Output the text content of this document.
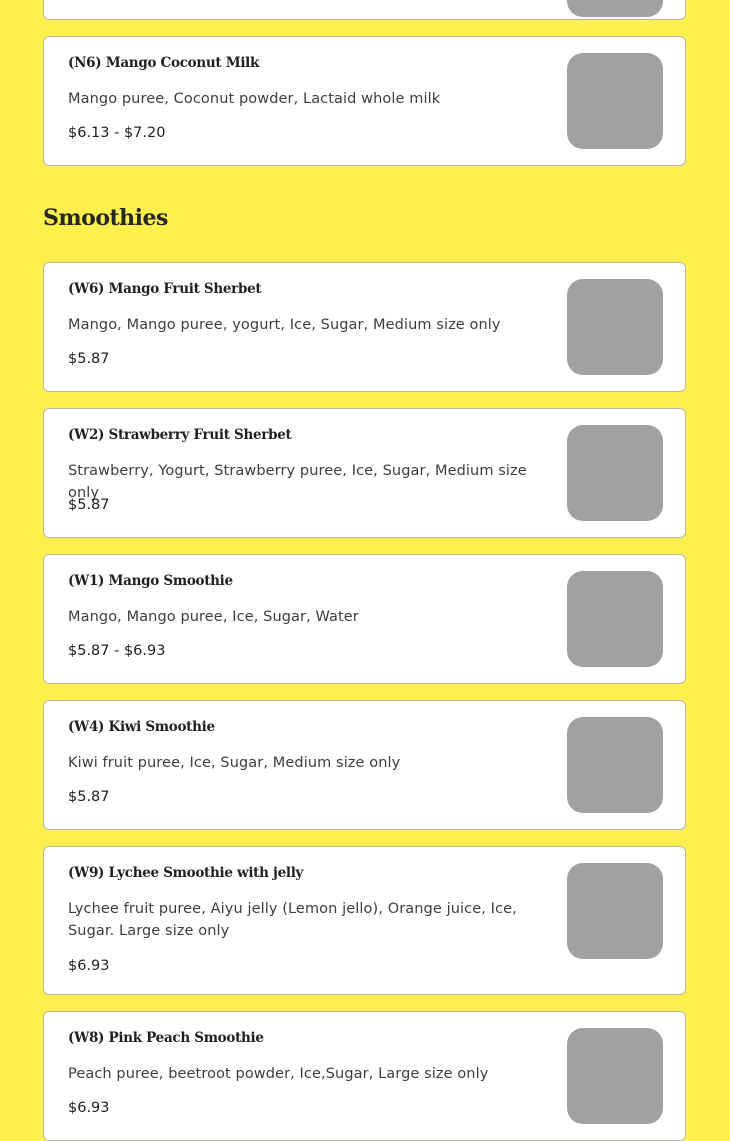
(N6) Mango Coconut Milk
Mango puree, Coconut powder, Lactaid whole milk
$6.13 - $7.20
Smoothies
(W6) Mango Fruit Sherbet
Mango, Mango puree, yogurt, Ice, Sugar, Medium size only
$5.87
(W2) Strawberry Fruit Sherbet
Strawberry, Yogurt, Strawberry puree, Ice, Sugar, Medium size only
$5.87
(W1) Mango Smoothie
Mango, Mango puree, Ice, Sugar, Water
$5.87 - $6.93
(W4) Kiwi Smoothie
Kiwi fruit puree, Ice, Sugar, Medium size only
$5.87
(W9) Lychee Smoothie with jelly
Lychee fruit puree, Aiyu jelly (Lemon jello), Orange juice, Ice, Sugar. Large size only
$6.93
(W8) Pink Peach Smoothie
Peach puree, beetroot powder, Ice,Sugar, Large size only
$6.93
